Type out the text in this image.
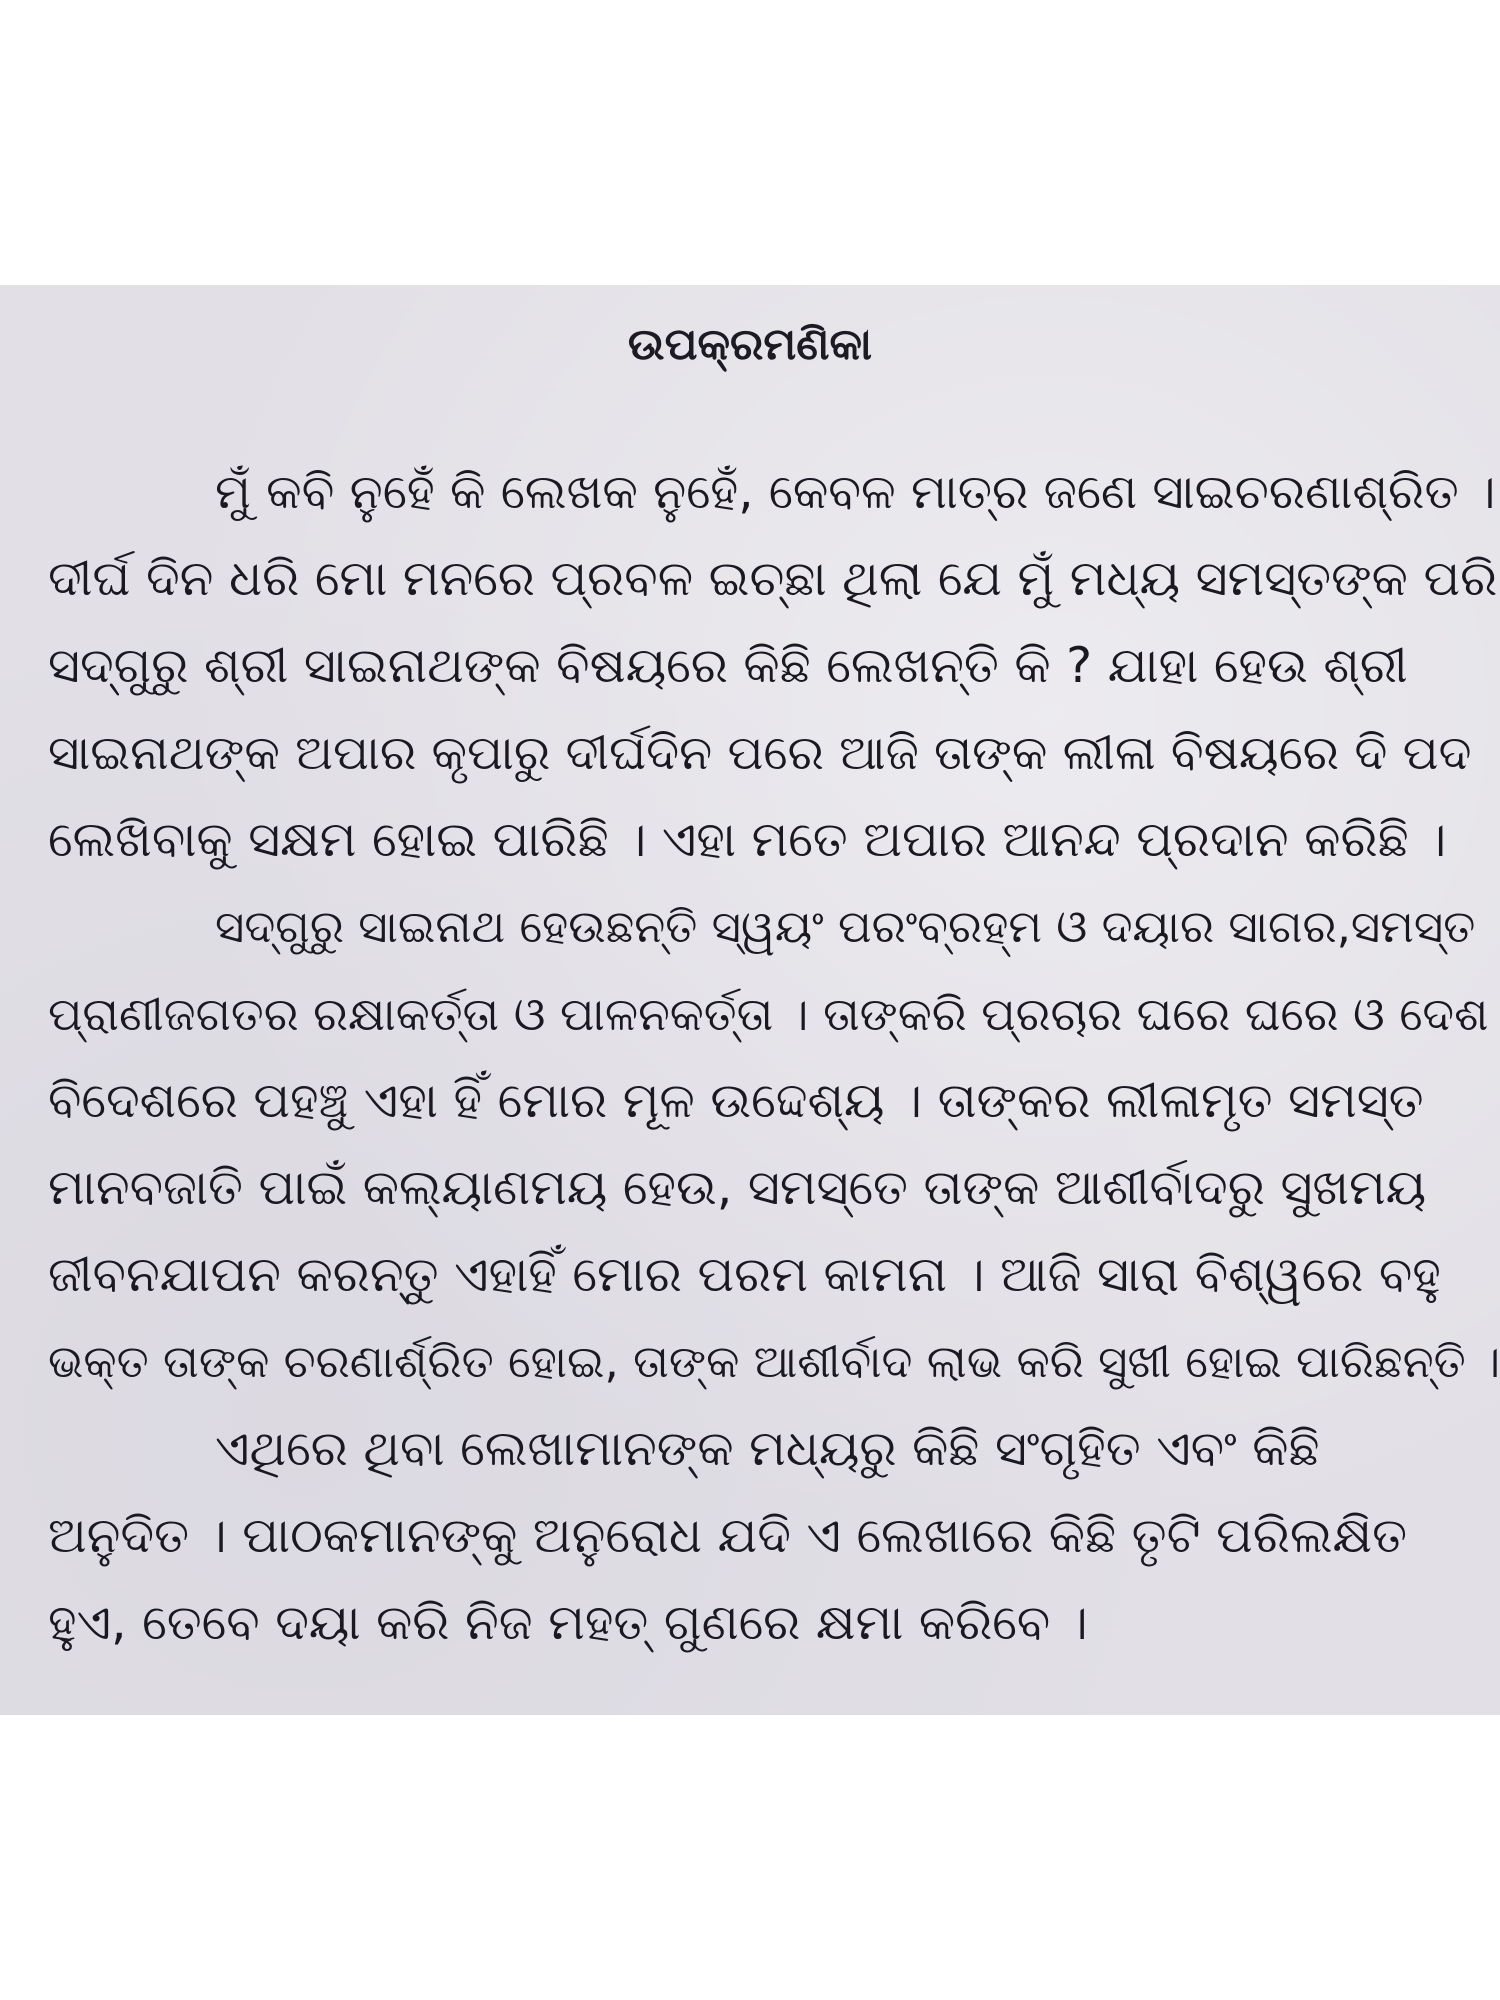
ଉପକ୍ରମଣିକା
ମୁଁ କବି ନୁହେଁ କି ଲେଖକ ନୁହେଁ, କେବଳ ମାତ୍ର ଜଣେ ସାଇଚରଣାଶ୍ରିତ ।
ଦୀର୍ଘ ଦିନ ଧରି ମୋ ମନରେ ପ୍ରବଳ ଇଚ୍ଛା ଥିଲା ଯେ ମୁଁ ମଧ୍ୟ ସମସ୍ତଙ୍କ ପରି
ସଦ୍‌ଗୁରୁ ଶ୍ରୀ ସାଇନାଥଙ୍କ ବିଷୟରେ କିଛି ଲେଖନ୍ତି କି ? ଯାହା ହେଉ ଶ୍ରୀ
ସାଇନାଥଙ୍କ ଅପାର କୃପାରୁ ଦୀର୍ଘଦିନ ପରେ ଆଜି ତାଙ୍କ ଲୀଳା ବିଷୟରେ ଦି ପଦ
ଲେଖିବାକୁ ସକ୍ଷମ ହୋଇ ପାରିଛି । ଏହା ମତେ ଅପାର ଆନନ୍ଦ ପ୍ରଦାନ କରିଛି ।
ସଦ୍‌ଗୁରୁ ସାଇନାଥ ହେଉଛନ୍ତି ସ୍ୱୟଂ ପରଂବ୍ରହ୍ମ ଓ ଦୟାର ସାଗର,ସମସ୍ତ
ପ୍ରାଣୀଜଗତର ରକ୍ଷାକର୍ତ୍ତା ଓ ପାଳନକର୍ତ୍ତା । ତାଙ୍କରି ପ୍ରଚାର ଘରେ ଘରେ ଓ ଦେଶ
ବିଦେଶରେ ପହଞ୍ଚୁ ଏହା ହିଁ ମୋର ମୂଳ ଉଦ୍ଦେଶ୍ୟ । ତାଙ୍କର ଲୀଳାମୃତ ସମସ୍ତ
ମାନବଜାତି ପାଇଁ କଲ୍ୟାଣମୟ ହେଉ, ସମସ୍ତେ ତାଙ୍କ ଆଶୀର୍ବାଦରୁ ସୁଖମୟ
ଜୀବନଯାପନ କରନ୍ତୁ ଏହାହିଁ ମୋର ପରମ କାମନା । ଆଜି ସାରା ବିଶ୍ୱରେ ବହୁ
ଭକ୍ତ ତାଙ୍କ ଚରଣାର୍ଶ୍ରିତ ହୋଇ, ତାଙ୍କ ଆଶୀର୍ବାଦ ଲାଭ କରି ସୁଖୀ ହୋଇ ପାରିଛନ୍ତି ।
ଏଥିରେ ଥିବା ଲେଖାମାନଙ୍କ ମଧ୍ୟରୁ କିଛି ସଂଗୃହିତ ଏବଂ କିଛି
ଅନୁଦିତ । ପାଠକମାନଙ୍କୁ ଅନୁରୋଧ ଯଦି ଏ ଲେଖାରେ କିଛି ତୃଟି ପରିଲକ୍ଷିତ
ହୁଏ, ତେବେ ଦୟା କରି ନିଜ ମହତ୍ ଗୁଣରେ କ୍ଷମା କରିବେ ।
